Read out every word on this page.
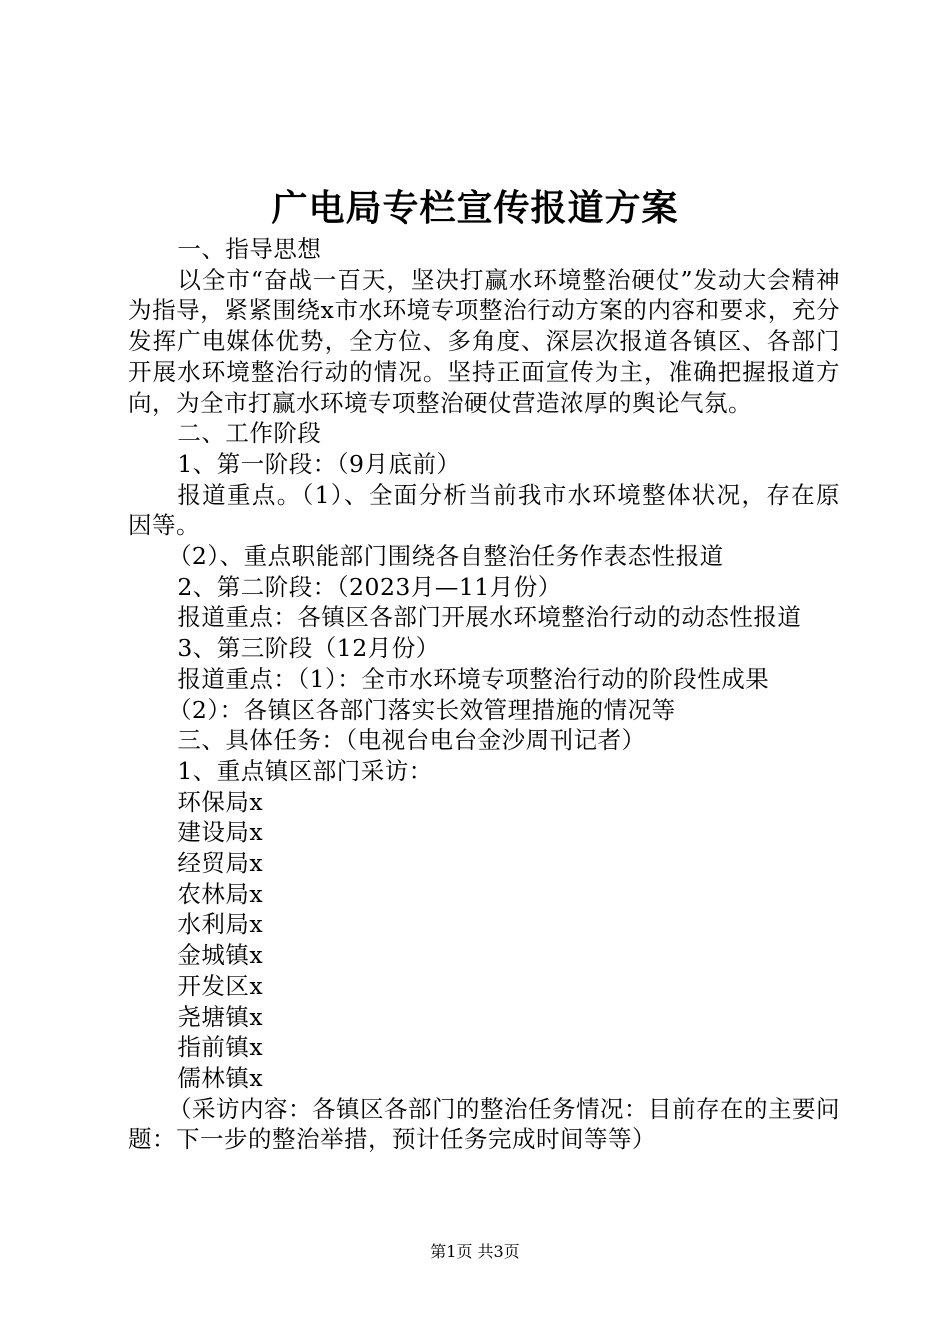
广电局专栏宣传报道方案

一、指导思想

以全市“奋战一百天，坚决打赢水环境整治硬仗”发动大会精神为指导，紧紧围绕x市水环境专项整治行动方案的内容和要求，充分发挥广电媒体优势，全方位、多角度、深层次报道各镇区、各部门开展水环境整治行动的情况。坚持正面宣传为主，准确把握报道方向，为全市打赢水环境专项整治硬仗营造浓厚的舆论气氛。

二、工作阶段

1、第一阶段：（9月底前）

报道重点。（1）、全面分析当前我市水环境整体状况，存在原因等。

（2）、重点职能部门围绕各自整治任务作表态性报道

2、第二阶段：（2023月—11月份）

报道重点：各镇区各部门开展水环境整治行动的动态性报道

3、第三阶段（12月份）

报道重点：（1）：全市水环境专项整治行动的阶段性成果

（2）：各镇区各部门落实长效管理措施的情况等

三、具体任务：（电视台电台金沙周刊记者）

1、重点镇区部门采访：

环保局x

建设局x

经贸局x

农林局x

水利局x

金城镇x

开发区x

尧塘镇x

指前镇x

儒林镇x

（采访内容：各镇区各部门的整治任务情况：目前存在的主要问题：下一步的整治举措，预计任务完成时间等等）

第1页 共3页
